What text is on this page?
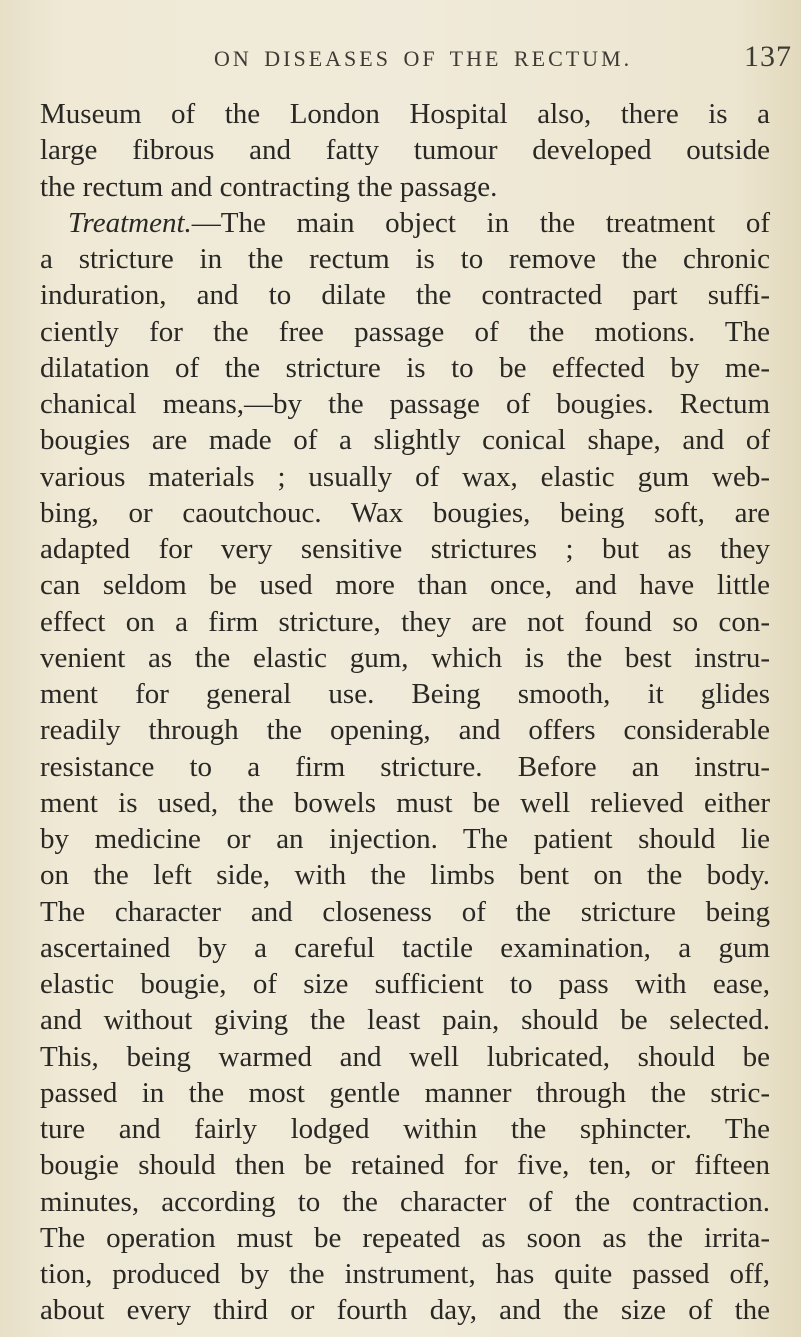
ON DISEASES OF THE RECTUM.	137
Museum of the London Hospital also, there is a
large fibrous and fatty tumour developed outside
the rectum and contracting the passage.
Treatment.—The main object in the treatment of
a stricture in the rectum is to remove the chronic
induration, and to dilate the contracted part suffi-
ciently for the free passage of the motions. The
dilatation of the stricture is to be effected by me-
chanical means,—by the passage of bougies. Rectum
bougies are made of a slightly conical shape, and of
various materials ; usually of wax, elastic gum web-
bing, or caoutchouc. Wax bougies, being soft, are
adapted for very sensitive strictures ; but as they
can seldom be used more than once, and have little
effect on a firm stricture, they are not found so con-
venient as the elastic gum, which is the best instru-
ment for general use. Being smooth, it glides
readily through the opening, and offers considerable
resistance to a firm stricture. Before an instru-
ment is used, the bowels must be well relieved either
by medicine or an injection. The patient should lie
on the left side, with the limbs bent on the body.
The character and closeness of the stricture being
ascertained by a careful tactile examination, a gum
elastic bougie, of size sufficient to pass with ease,
and without giving the least pain, should be selected.
This, being warmed and well lubricated, should be
passed in the most gentle manner through the stric-
ture and fairly lodged within the sphincter. The
bougie should then be retained for five, ten, or fifteen
minutes, according to the character of the contraction.
The operation must be repeated as soon as the irrita-
tion, produced by the instrument, has quite passed off,
about every third or fourth day, and the size of the
